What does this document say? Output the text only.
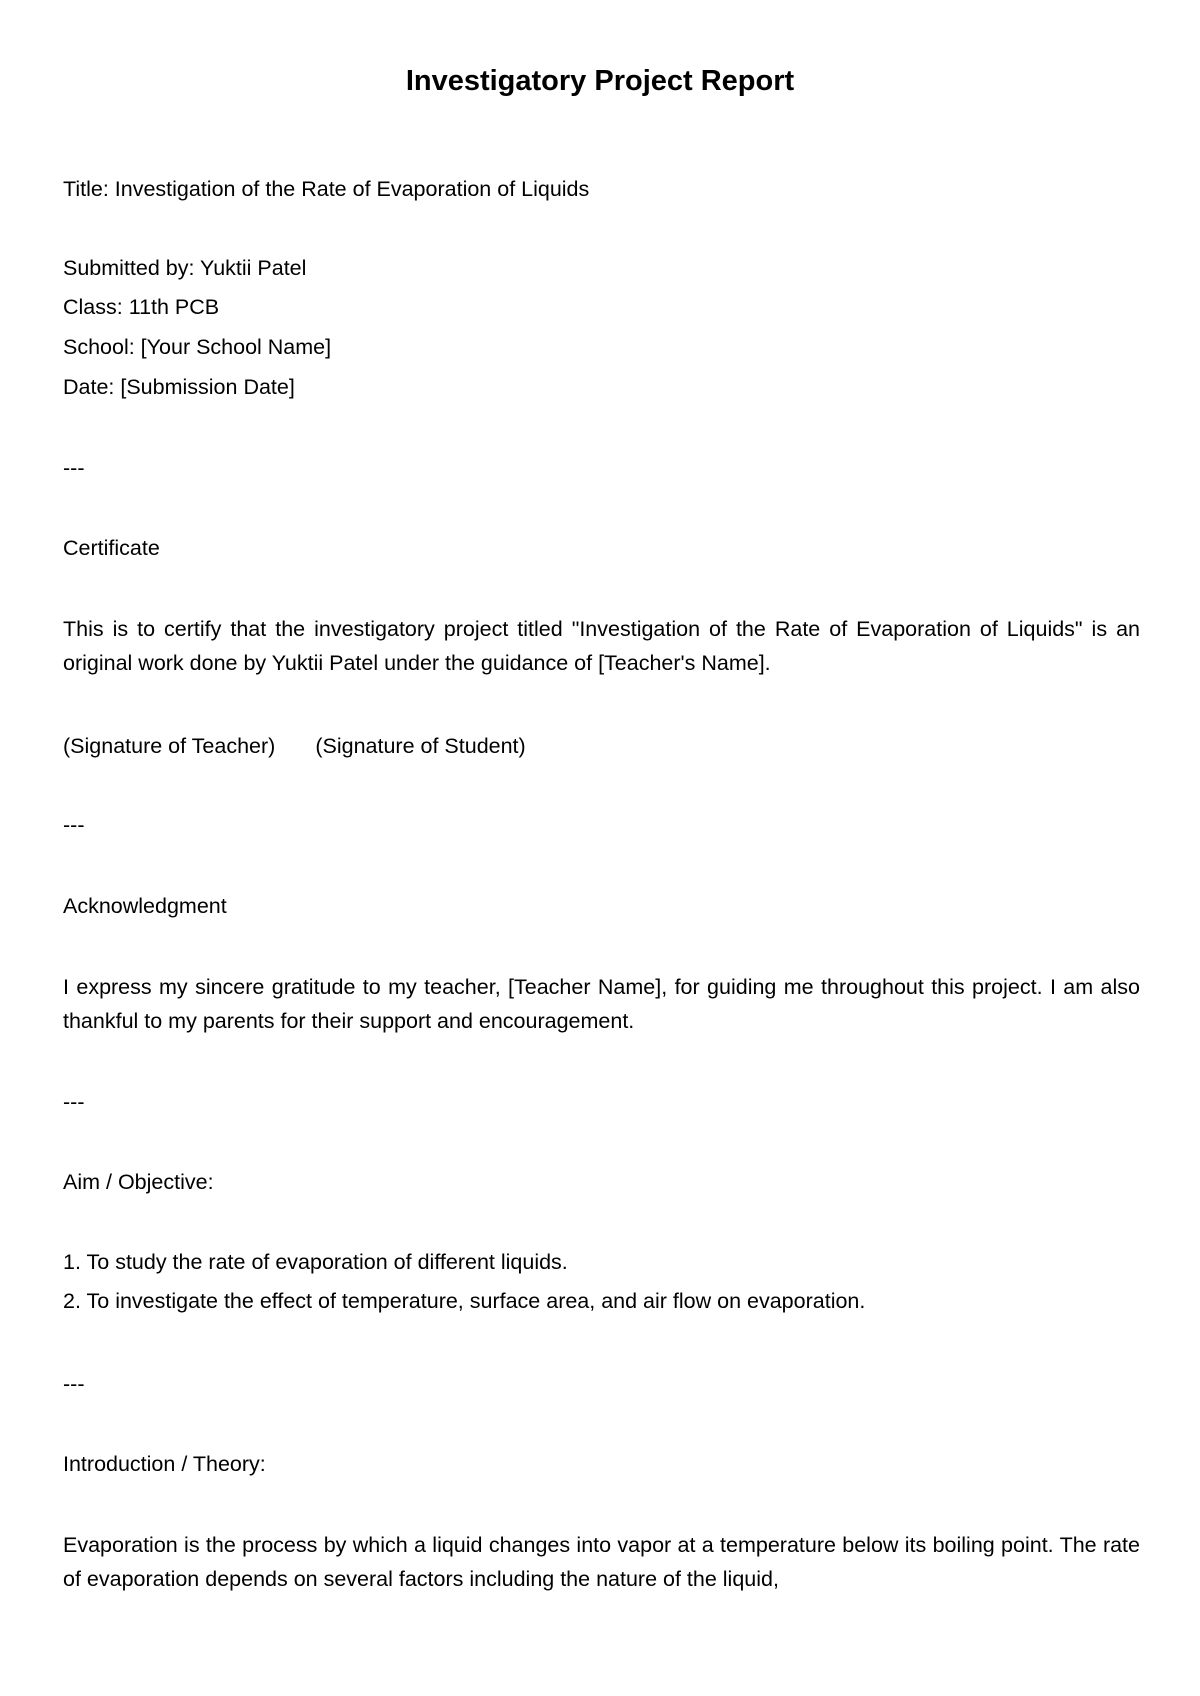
Investigatory Project Report
Title: Investigation of the Rate of Evaporation of Liquids
Submitted by: Yuktii Patel
Class: 11th PCB
School: [Your School Name]
Date: [Submission Date]
---
Certificate
This is to certify that the investigatory project titled "Investigation of the Rate of Evaporation of Liquids" is an original work done by Yuktii Patel under the guidance of [Teacher's Name].
(Signature of Teacher) (Signature of Student)
---
Acknowledgment
I express my sincere gratitude to my teacher, [Teacher Name], for guiding me throughout this project. I am also thankful to my parents for their support and encouragement.
---
Aim / Objective:
1. To study the rate of evaporation of different liquids.
2. To investigate the effect of temperature, surface area, and air flow on evaporation.
---
Introduction / Theory:
Evaporation is the process by which a liquid changes into vapor at a temperature below its boiling point. The rate of evaporation depends on several factors including the nature of the liquid,
